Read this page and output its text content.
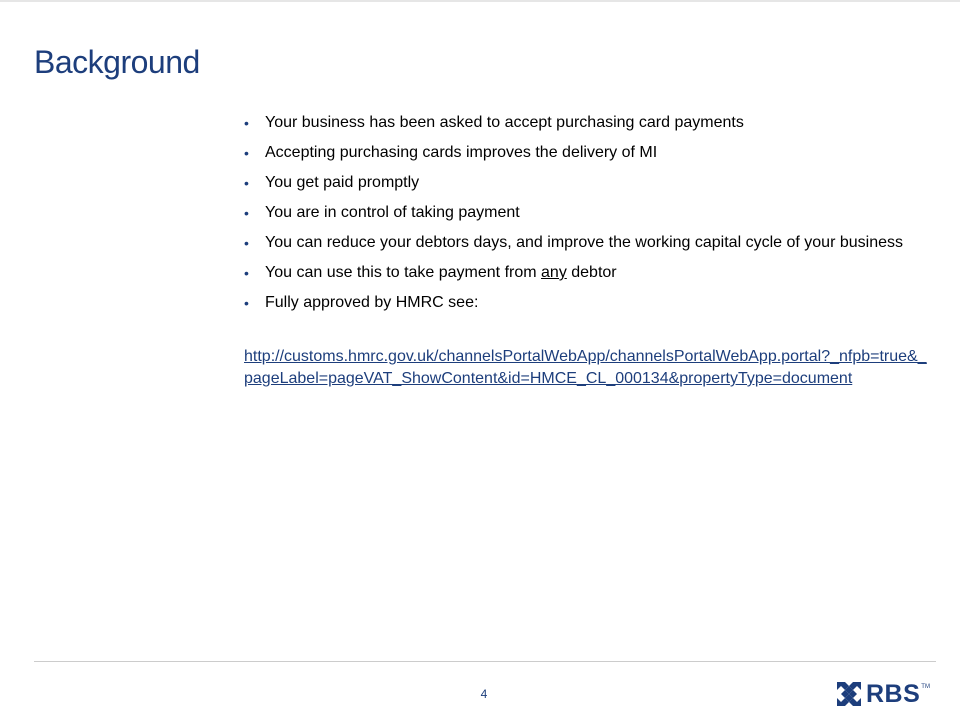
Background
• Your business has been asked to accept purchasing card payments
• Accepting purchasing cards improves the delivery of MI
• You get paid promptly
• You are in control of taking payment
• You can reduce your debtors days, and improve the working capital cycle of your business
• You can use this to take payment from any debtor
• Fully approved by HMRC see:
http://customs.hmrc.gov.uk/channelsPortalWebApp/channelsPortalWebApp.portal?_nfpb=true&_pageLabel=pageVAT_ShowContent&id=HMCE_CL_000134&propertyType=document
4	RBS TM
